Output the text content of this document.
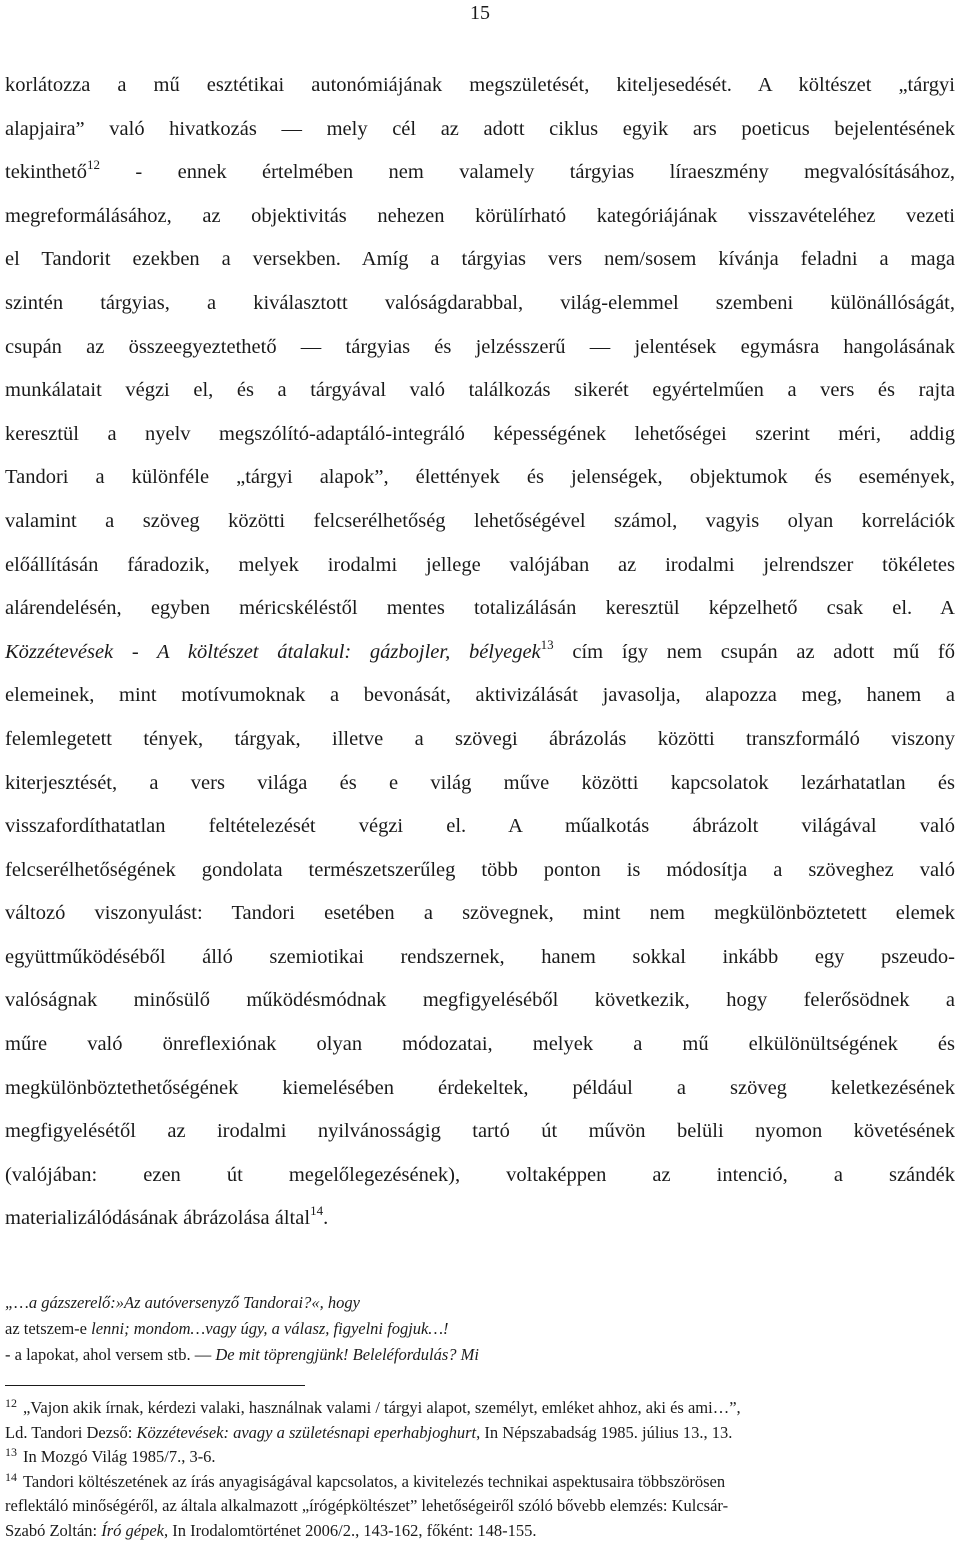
15
korlátozza a mű esztétikai autonómiájának megszületését, kiteljesedését. A költészet „tárgyi
alapjaira” való hivatkozás ― mely cél az adott ciklus egyik ars poeticus bejelentésének
tekinthető$^{12}$ - ennek értelmében nem valamely tárgyias líraeszmény megvalósításához,
megreformálásához, az objektivitás nehezen körülírható kategóriájának visszavételéhez vezeti
el Tandorit ezekben a versekben. Amíg a tárgyias vers nem/sosem kívánja feladni a maga
szintén tárgyias, a kiválasztott valóságdarabbal, világ-elemmel szembeni különállóságát,
csupán az összeegyeztethető ― tárgyias és jelzésszerű ― jelentések egymásra hangolásának
munkálatait végzi el, és a tárgyával való találkozás sikerét egyértelműen a vers és rajta
keresztül a nyelv megszólító-adaptáló-integráló képességének lehetőségei szerint méri, addig
Tandori a különféle „tárgyi alapok”, élettények és jelenségek, objektumok és események,
valamint a szöveg közötti felcserélhetőség lehetőségével számol, vagyis olyan korrelációk
előállításán fáradozik, melyek irodalmi jellege valójában az irodalmi jelrendszer tökéletes
alárendelésén, egyben méricskéléstől mentes totalizálásán keresztül képzelhető csak el. A
Közzétevések - A költészet átalakul: gázbojler, bélyegek$^{13}$ cím így nem csupán az adott mű fő
elemeinek, mint motívumoknak a bevonását, aktivizálását javasolja, alapozza meg, hanem a
felemlegetett tények, tárgyak, illetve a szövegi ábrázolás közötti transzformáló viszony
kiterjesztését, a vers világa és e világ műve közötti kapcsolatok lezárhatatlan és
visszafordíthatatlan feltételezését végzi el. A műalkotás ábrázolt világával való
felcserélhetőségének gondolata természetszerűleg több ponton is módosítja a szöveghez való
változó viszonyulást: Tandori esetében a szövegnek, mint nem megkülönböztetett elemek
együttműködéséből álló szemiotikai rendszernek, hanem sokkal inkább egy pszeudo-
valóságnak minősülő működésmódnak megfigyeléséből következik, hogy felerősödnek a
műre való önreflexiónak olyan módozatai, melyek a mű elkülönültségének és
megkülönböztethetőségének kiemelésében érdekeltek, például a szöveg keletkezésének
megfigyelésétől az irodalmi nyilvánosságig tartó út művön belüli nyomon követésének
(valójában: ezen út megelőlegezésének), voltaképpen az intenció, a szándék
materializálódásának ábrázolása által$^{14}$.
„…a gázszerelő:»Az autóversenyző Tandorai?«, hogy
az tetszem-e lenni; mondom…vagy úgy, a válasz, figyelni fogjuk…!
- a lapokat, ahol versem stb. ― De mit töprengjünk! Beleléfordulás? Mi
$^{12}$ „Vajon akik írnak, kérdezi valaki, használnak valami / tárgyi alapot, személyt, emléket ahhoz, aki és ami…”,
Ld. Tandori Dezső: Közzétevések: avagy a születésnapi eperhabjoghurt, In Népszabadság 1985. július 13., 13.
$^{13}$ In Mozgó Világ 1985/7., 3-6.
$^{14}$ Tandori költészetének az írás anyagiságával kapcsolatos, a kivitelezés technikai aspektusaira többszörösen
reflektáló minőségéről, az általa alkalmazott „írógépköltészet” lehetőségeiről szóló bővebb elemzés: Kulcsár-
Szabó Zoltán: Író gépek, In Irodalomtörténet 2006/2., 143-162, főként: 148-155.
